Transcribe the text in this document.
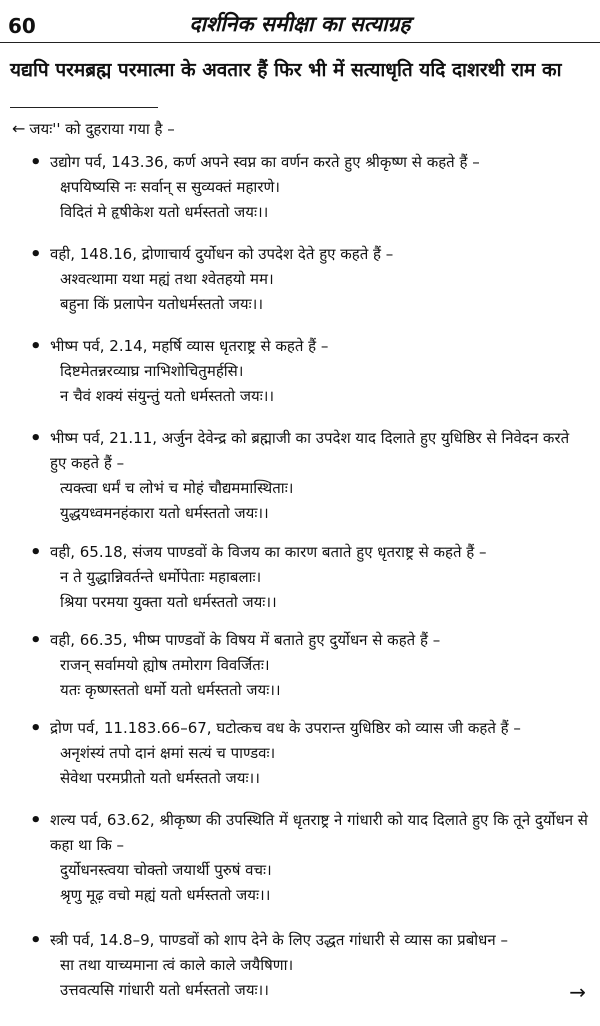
60	दार्शनिक समीक्षा का सत्याग्रह
यद्यपि परमब्रह्म परमात्मा के अवतार हैं फिर भी में सत्याधृति यदि दाशरथी राम का
← जयः'' को दुहराया गया है –
• उद्योग पर्व, 143.36, कर्ण अपने स्वप्न का वर्णन करते हुए श्रीकृष्ण से कहते हैं –
क्षपयिष्यसि नः सर्वान् स सुव्यक्तं महारणे।
विदितं मे हृषीकेश यतो धर्मस्ततो जयः।।
• वही, 148.16, द्रोणाचार्य दुर्योधन को उपदेश देते हुए कहते हैं –
अश्वत्थामा यथा मह्यं तथा श्वेतहयो मम।
बहुना किं प्रलापेन यतोधर्मस्ततो जयः।।
• भीष्म पर्व, 2.14, महर्षि व्यास धृतराष्ट्र से कहते हैं –
दिष्टमेतन्नरव्याघ्र नाभिशोचितुमर्हसि।
न चैवं शक्यं संयुन्तुं यतो धर्मस्ततो जयः।।
• भीष्म पर्व, 21.11, अर्जुन देवेन्द्र को ब्रह्माजी का उपदेश याद दिलाते हुए युधिष्ठिर से निवेदन करते हुए कहते हैं –
त्यक्त्वा धर्मं च लोभं च मोहं चौद्यममास्थिताः।
युद्धयध्वमनहंकारा यतो धर्मस्ततो जयः।।
• वही, 65.18, संजय पाण्डवों के विजय का कारण बताते हुए धृतराष्ट्र से कहते हैं –
न ते युद्धान्निवर्तन्ते धर्मोपेताः महाबलाः।
श्रिया परमया युक्ता यतो धर्मस्ततो जयः।।
• वही, 66.35, भीष्म पाण्डवों के विषय में बताते हुए दुर्योधन से कहते हैं –
राजन् सर्वामयो ह्योष तमोराग विवर्जितः।
यतः कृष्णस्ततो धर्मो यतो धर्मस्ततो जयः।।
• द्रोण पर्व, 11.183.66–67, घटोत्कच वध के उपरान्त युधिष्ठिर को व्यास जी कहते हैं –
अनृशंस्यं तपो दानं क्षमां सत्यं च पाण्डवः।
सेवेथा परमप्रीतो यतो धर्मस्ततो जयः।।
• शल्य पर्व, 63.62, श्रीकृष्ण की उपस्थिति में धृतराष्ट्र ने गांधारी को याद दिलाते हुए कि तूने दुर्योधन से कहा था कि –
दुर्योधनस्त्वया चोक्तो जयार्थी पुरुषं वचः।
श्रृणु मूढ़ वचो मह्यं यतो धर्मस्ततो जयः।।
• स्त्री पर्व, 14.8–9, पाण्डवों को शाप देने के लिए उद्धत गांधारी से व्यास का प्रबोधन –
सा तथा याच्यमाना त्वं काले काले जयैषिणा।
उत्तवत्यसि गांधारी यतो धर्मस्ततो जयः।।	→
